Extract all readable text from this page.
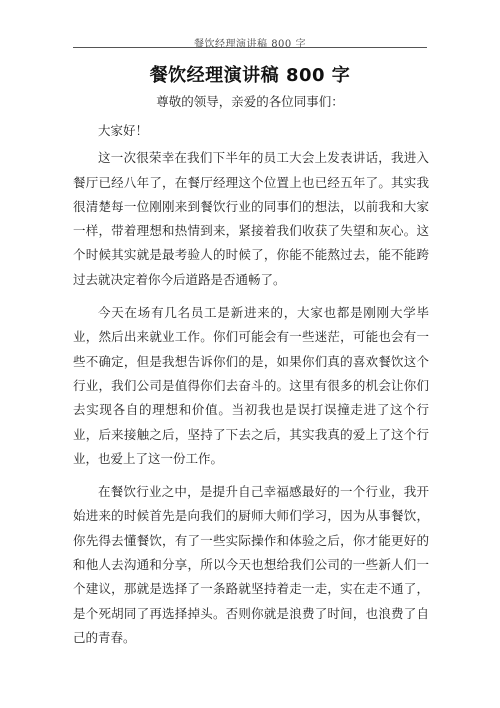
餐饮经理演讲稿 800 字
餐饮经理演讲稿 800 字
尊敬的领导，亲爱的各位同事们：

大家好！

这一次很荣幸在我们下半年的员工大会上发表讲话，我进入餐厅已经八年了，在餐厅经理这个位置上也已经五年了。其实我很清楚每一位刚刚来到餐饮行业的同事们的想法，以前我和大家一样，带着理想和热情到来，紧接着我们收获了失望和灰心。这个时候其实就是最考验人的时候了，你能不能熬过去，能不能跨过去就决定着你今后道路是否通畅了。

今天在场有几名员工是新进来的，大家也都是刚刚大学毕业，然后出来就业工作。你们可能会有一些迷茫，可能也会有一些不确定，但是我想告诉你们的是，如果你们真的喜欢餐饮这个行业，我们公司是值得你们去奋斗的。这里有很多的机会让你们去实现各自的理想和价值。当初我也是误打误撞走进了这个行业，后来接触之后，坚持了下去之后，其实我真的爱上了这个行业，也爱上了这一份工作。

在餐饮行业之中，是提升自己幸福感最好的一个行业，我开始进来的时候首先是向我们的厨师大师们学习，因为从事餐饮，你先得去懂餐饮，有了一些实际操作和体验之后，你才能更好的和他人去沟通和分享，所以今天也想给我们公司的一些新人们一个建议，那就是选择了一条路就坚持着走一走，实在走不通了，是个死胡同了再选择掉头。否则你就是浪费了时间，也浪费了自己的青春。
